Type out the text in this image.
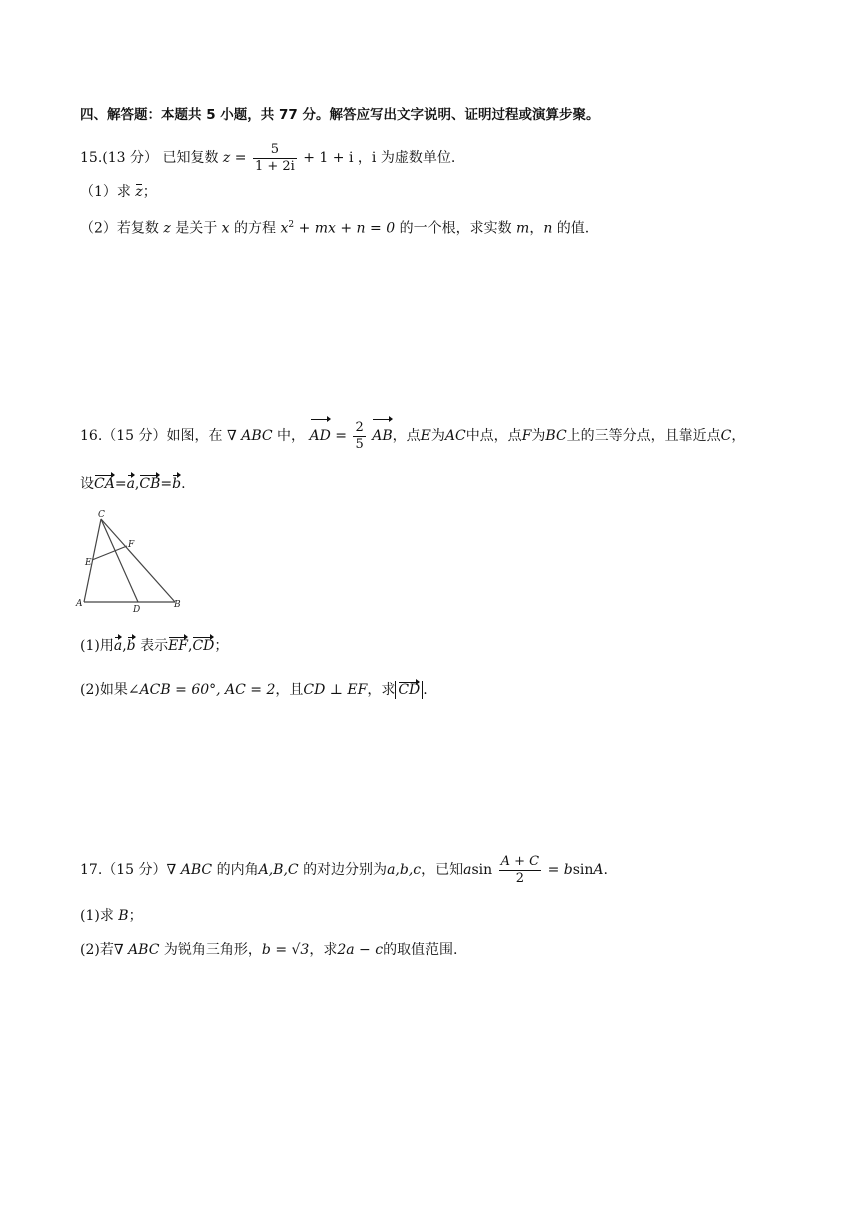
四、解答题：本题共 5 小题，共 77 分。解答应写出文字说明、证明过程或演算步聚。
15.(13 分） 已知复数 $z = \frac{5}{1 + 2i} + 1 + i$ ，i 为虚数单位.
（1）求 z；
（2）若复数 z 是关于 x 的方程 $x^2$ + mx + n = 0 的一个根，求实数 m，n 的值.
16.（15 分）如图，在 ∇ ABC 中， AD = $\frac{2}{5}$ AB，点E为AC中点，点F为BC上的三等分点，且靠近点C，
设CA=a,CB=b.
C
E
F
A
D	B
(1)用a,b 表示EF,CD；
(2)如果∠ACB = 60°, AC = 2，且CD ⊥ EF，求 CD .
17.（15 分）∇ ABC 的内角A,B,C 的对边分别为a,b,c，已知asin $\frac{A + C}{2} = bsinA$.
(1)求 B；
(2)若∇ ABC 为锐角三角形，b = √3，求2a − c的取值范围.
